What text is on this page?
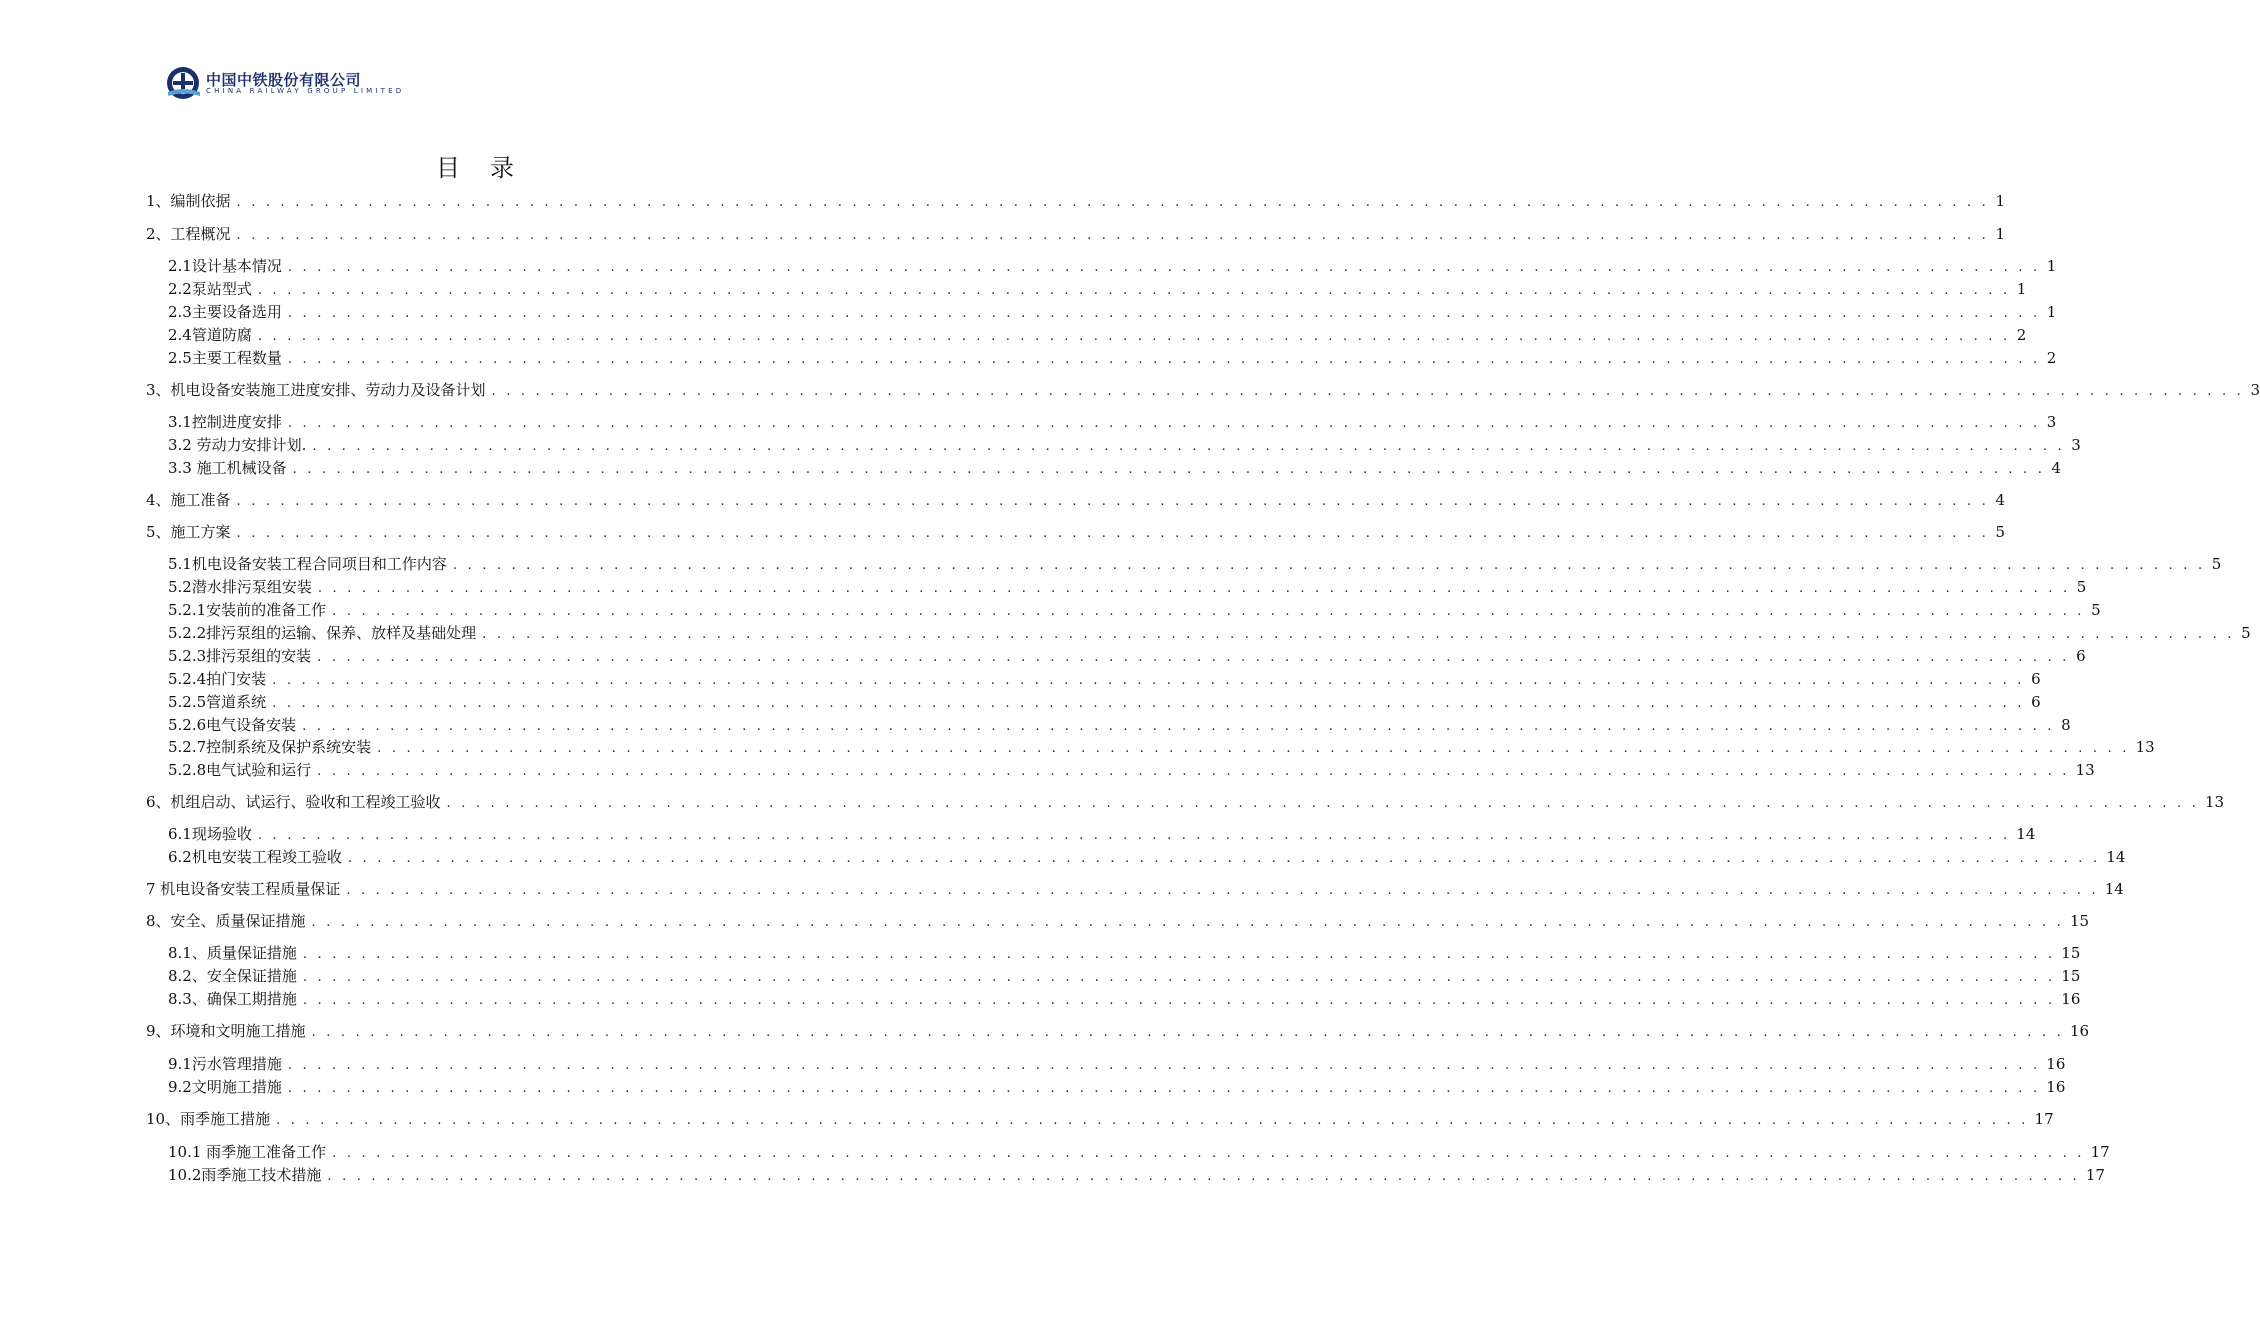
中国中铁股份有限公司
CHINA RAILWAY GROUP LIMITED
目录
1、编制依据 . . . . . . . . . . . . . . . . . . . . . . . . . . . . . . . . . . . . . . . . . . . . . . . . . . . . . . . . . . . . . . . . . . . . . . . . . . . . . . . . . . . . . . . . . . . . . . . . . . . . . . . . . . . . . . . . . . . . . . . . 1
2、工程概况 . . . . . . . . . . . . . . . . . . . . . . . . . . . . . . . . . . . . . . . . . . . . . . . . . . . . . . . . . . . . . . . . . . . . . . . . . . . . . . . . . . . . . . . . . . . . . . . . . . . . . . . . . . . . . . . . . . . . . . . . 1
2.1设计基本情况 . . . . . . . . . . . . . . . . . . . . . . . . . . . . . . . . . . . . . . . . . . . . . . . . . . . . . . . . . . . . . . . . . . . . . . . . . . . . . . . . . . . . . . . . . . . . . . . . . . . . . . . . . . . . . . . . . . . . . . . . 1
2.2泵站型式 . . . . . . . . . . . . . . . . . . . . . . . . . . . . . . . . . . . . . . . . . . . . . . . . . . . . . . . . . . . . . . . . . . . . . . . . . . . . . . . . . . . . . . . . . . . . . . . . . . . . . . . . . . . . . . . . . . . . . . . . 1
2.3主要设备选用 . . . . . . . . . . . . . . . . . . . . . . . . . . . . . . . . . . . . . . . . . . . . . . . . . . . . . . . . . . . . . . . . . . . . . . . . . . . . . . . . . . . . . . . . . . . . . . . . . . . . . . . . . . . . . . . . . . . . . . . . 1
2.4管道防腐 . . . . . . . . . . . . . . . . . . . . . . . . . . . . . . . . . . . . . . . . . . . . . . . . . . . . . . . . . . . . . . . . . . . . . . . . . . . . . . . . . . . . . . . . . . . . . . . . . . . . . . . . . . . . . . . . . . . . . . . . 2
2.5主要工程数量 . . . . . . . . . . . . . . . . . . . . . . . . . . . . . . . . . . . . . . . . . . . . . . . . . . . . . . . . . . . . . . . . . . . . . . . . . . . . . . . . . . . . . . . . . . . . . . . . . . . . . . . . . . . . . . . . . . . . . . . . 2
3、机电设备安装施工进度安排、劳动力及设备计划 . . . . . . . . . . . . . . . . . . . . . . . . . . . . . . . . . . . . . . . . . . . . . . . . . . . . . . . . . . . . . . . . . . . . . . . . . . . . . . . . . . . . . . . . . . . . . . . . . . . . . . . . . . . . . . . . . . . . . . . . 3
3.1控制进度安排 . . . . . . . . . . . . . . . . . . . . . . . . . . . . . . . . . . . . . . . . . . . . . . . . . . . . . . . . . . . . . . . . . . . . . . . . . . . . . . . . . . . . . . . . . . . . . . . . . . . . . . . . . . . . . . . . . . . . . . . . 3
3.2 劳动力安排计划. . . . . . . . . . . . . . . . . . . . . . . . . . . . . . . . . . . . . . . . . . . . . . . . . . . . . . . . . . . . . . . . . . . . . . . . . . . . . . . . . . . . . . . . . . . . . . . . . . . . . . . . . . . . . . . . . . . . . . . . . 3
3.3 施工机械设备 . . . . . . . . . . . . . . . . . . . . . . . . . . . . . . . . . . . . . . . . . . . . . . . . . . . . . . . . . . . . . . . . . . . . . . . . . . . . . . . . . . . . . . . . . . . . . . . . . . . . . . . . . . . . . . . . . . . . . . . . 4
4、施工准备 . . . . . . . . . . . . . . . . . . . . . . . . . . . . . . . . . . . . . . . . . . . . . . . . . . . . . . . . . . . . . . . . . . . . . . . . . . . . . . . . . . . . . . . . . . . . . . . . . . . . . . . . . . . . . . . . . . . . . . . . 4
5、施工方案 . . . . . . . . . . . . . . . . . . . . . . . . . . . . . . . . . . . . . . . . . . . . . . . . . . . . . . . . . . . . . . . . . . . . . . . . . . . . . . . . . . . . . . . . . . . . . . . . . . . . . . . . . . . . . . . . . . . . . . . . 5
5.1机电设备安装工程合同项目和工作内容 . . . . . . . . . . . . . . . . . . . . . . . . . . . . . . . . . . . . . . . . . . . . . . . . . . . . . . . . . . . . . . . . . . . . . . . . . . . . . . . . . . . . . . . . . . . . . . . . . . . . . . . . . . . . . . . . . . . . . . . . 5
5.2潜水排污泵组安装 . . . . . . . . . . . . . . . . . . . . . . . . . . . . . . . . . . . . . . . . . . . . . . . . . . . . . . . . . . . . . . . . . . . . . . . . . . . . . . . . . . . . . . . . . . . . . . . . . . . . . . . . . . . . . . . . . . . . . . . . 5
5.2.1安装前的准备工作 . . . . . . . . . . . . . . . . . . . . . . . . . . . . . . . . . . . . . . . . . . . . . . . . . . . . . . . . . . . . . . . . . . . . . . . . . . . . . . . . . . . . . . . . . . . . . . . . . . . . . . . . . . . . . . . . . . . . . . . . 5
5.2.2排污泵组的运输、保养、放样及基础处理 . . . . . . . . . . . . . . . . . . . . . . . . . . . . . . . . . . . . . . . . . . . . . . . . . . . . . . . . . . . . . . . . . . . . . . . . . . . . . . . . . . . . . . . . . . . . . . . . . . . . . . . . . . . . . . . . . . . . . . . . 5
5.2.3排污泵组的安装 . . . . . . . . . . . . . . . . . . . . . . . . . . . . . . . . . . . . . . . . . . . . . . . . . . . . . . . . . . . . . . . . . . . . . . . . . . . . . . . . . . . . . . . . . . . . . . . . . . . . . . . . . . . . . . . . . . . . . . . . 6
5.2.4拍门安装 . . . . . . . . . . . . . . . . . . . . . . . . . . . . . . . . . . . . . . . . . . . . . . . . . . . . . . . . . . . . . . . . . . . . . . . . . . . . . . . . . . . . . . . . . . . . . . . . . . . . . . . . . . . . . . . . . . . . . . . . 6
5.2.5管道系统 . . . . . . . . . . . . . . . . . . . . . . . . . . . . . . . . . . . . . . . . . . . . . . . . . . . . . . . . . . . . . . . . . . . . . . . . . . . . . . . . . . . . . . . . . . . . . . . . . . . . . . . . . . . . . . . . . . . . . . . . 6
5.2.6电气设备安装 . . . . . . . . . . . . . . . . . . . . . . . . . . . . . . . . . . . . . . . . . . . . . . . . . . . . . . . . . . . . . . . . . . . . . . . . . . . . . . . . . . . . . . . . . . . . . . . . . . . . . . . . . . . . . . . . . . . . . . . . 8
5.2.7控制系统及保护系统安装 . . . . . . . . . . . . . . . . . . . . . . . . . . . . . . . . . . . . . . . . . . . . . . . . . . . . . . . . . . . . . . . . . . . . . . . . . . . . . . . . . . . . . . . . . . . . . . . . . . . . . . . . . . . . . . . . . . . . . . . . 13
5.2.8电气试验和运行 . . . . . . . . . . . . . . . . . . . . . . . . . . . . . . . . . . . . . . . . . . . . . . . . . . . . . . . . . . . . . . . . . . . . . . . . . . . . . . . . . . . . . . . . . . . . . . . . . . . . . . . . . . . . . . . . . . . . . . . . 13
6、机组启动、试运行、验收和工程竣工验收 . . . . . . . . . . . . . . . . . . . . . . . . . . . . . . . . . . . . . . . . . . . . . . . . . . . . . . . . . . . . . . . . . . . . . . . . . . . . . . . . . . . . . . . . . . . . . . . . . . . . . . . . . . . . . . . . . . . . . . . . 13
6.1现场验收 . . . . . . . . . . . . . . . . . . . . . . . . . . . . . . . . . . . . . . . . . . . . . . . . . . . . . . . . . . . . . . . . . . . . . . . . . . . . . . . . . . . . . . . . . . . . . . . . . . . . . . . . . . . . . . . . . . . . . . . . 14
6.2机电安装工程竣工验收 . . . . . . . . . . . . . . . . . . . . . . . . . . . . . . . . . . . . . . . . . . . . . . . . . . . . . . . . . . . . . . . . . . . . . . . . . . . . . . . . . . . . . . . . . . . . . . . . . . . . . . . . . . . . . . . . . . . . . . . . 14
7 机电设备安装工程质量保证 . . . . . . . . . . . . . . . . . . . . . . . . . . . . . . . . . . . . . . . . . . . . . . . . . . . . . . . . . . . . . . . . . . . . . . . . . . . . . . . . . . . . . . . . . . . . . . . . . . . . . . . . . . . . . . . . . . . . . . . . 14
8、安全、质量保证措施 . . . . . . . . . . . . . . . . . . . . . . . . . . . . . . . . . . . . . . . . . . . . . . . . . . . . . . . . . . . . . . . . . . . . . . . . . . . . . . . . . . . . . . . . . . . . . . . . . . . . . . . . . . . . . . . . . . . . . . . . 15
8.1、质量保证措施 . . . . . . . . . . . . . . . . . . . . . . . . . . . . . . . . . . . . . . . . . . . . . . . . . . . . . . . . . . . . . . . . . . . . . . . . . . . . . . . . . . . . . . . . . . . . . . . . . . . . . . . . . . . . . . . . . . . . . . . . 15
8.2、安全保证措施 . . . . . . . . . . . . . . . . . . . . . . . . . . . . . . . . . . . . . . . . . . . . . . . . . . . . . . . . . . . . . . . . . . . . . . . . . . . . . . . . . . . . . . . . . . . . . . . . . . . . . . . . . . . . . . . . . . . . . . . . 15
8.3、确保工期措施 . . . . . . . . . . . . . . . . . . . . . . . . . . . . . . . . . . . . . . . . . . . . . . . . . . . . . . . . . . . . . . . . . . . . . . . . . . . . . . . . . . . . . . . . . . . . . . . . . . . . . . . . . . . . . . . . . . . . . . . . 16
9、环境和文明施工措施 . . . . . . . . . . . . . . . . . . . . . . . . . . . . . . . . . . . . . . . . . . . . . . . . . . . . . . . . . . . . . . . . . . . . . . . . . . . . . . . . . . . . . . . . . . . . . . . . . . . . . . . . . . . . . . . . . . . . . . . . 16
9.1污水管理措施 . . . . . . . . . . . . . . . . . . . . . . . . . . . . . . . . . . . . . . . . . . . . . . . . . . . . . . . . . . . . . . . . . . . . . . . . . . . . . . . . . . . . . . . . . . . . . . . . . . . . . . . . . . . . . . . . . . . . . . . . 16
9.2文明施工措施 . . . . . . . . . . . . . . . . . . . . . . . . . . . . . . . . . . . . . . . . . . . . . . . . . . . . . . . . . . . . . . . . . . . . . . . . . . . . . . . . . . . . . . . . . . . . . . . . . . . . . . . . . . . . . . . . . . . . . . . . 16
10、雨季施工措施 . . . . . . . . . . . . . . . . . . . . . . . . . . . . . . . . . . . . . . . . . . . . . . . . . . . . . . . . . . . . . . . . . . . . . . . . . . . . . . . . . . . . . . . . . . . . . . . . . . . . . . . . . . . . . . . . . . . . . . . . 17
10.1 雨季施工准备工作 . . . . . . . . . . . . . . . . . . . . . . . . . . . . . . . . . . . . . . . . . . . . . . . . . . . . . . . . . . . . . . . . . . . . . . . . . . . . . . . . . . . . . . . . . . . . . . . . . . . . . . . . . . . . . . . . . . . . . . . . 17
10.2雨季施工技术措施 . . . . . . . . . . . . . . . . . . . . . . . . . . . . . . . . . . . . . . . . . . . . . . . . . . . . . . . . . . . . . . . . . . . . . . . . . . . . . . . . . . . . . . . . . . . . . . . . . . . . . . . . . . . . . . . . . . . . . . . . 17
